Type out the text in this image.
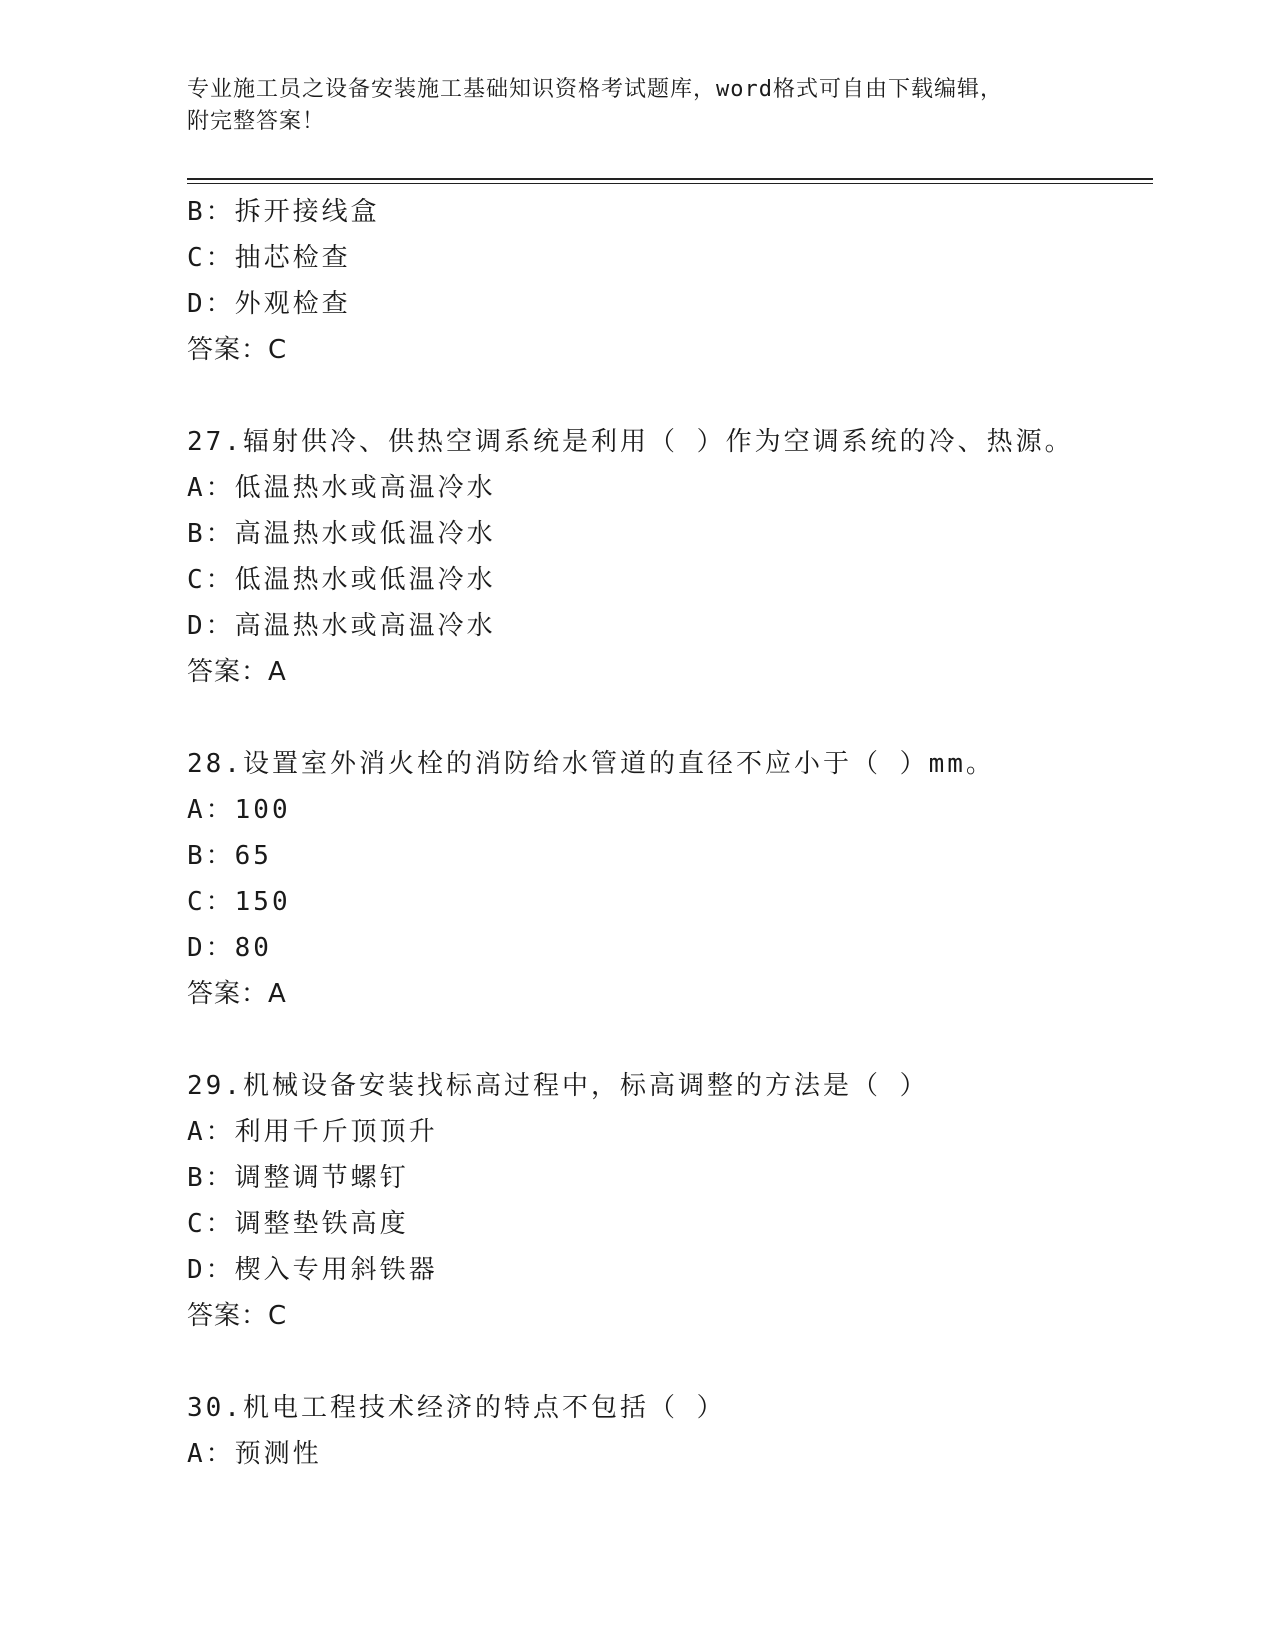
专业施工员之设备安装施工基础知识资格考试题库，word格式可自由下载编辑，
附完整答案！
B：拆开接线盒
C：抽芯检查
D：外观检查
答案：C
27.辐射供冷、供热空调系统是利用（ ）作为空调系统的冷、热源。
A：低温热水或高温冷水
B：高温热水或低温冷水
C：低温热水或低温冷水
D：高温热水或高温冷水
答案：A
28.设置室外消火栓的消防给水管道的直径不应小于（ ）mm。
A：100
B：65
C：150
D：80
答案：A
29.机械设备安装找标高过程中，标高调整的方法是（ ）
A：利用千斤顶顶升
B：调整调节螺钉
C：调整垫铁高度
D：楔入专用斜铁器
答案：C
30.机电工程技术经济的特点不包括（ ）
A：预测性
